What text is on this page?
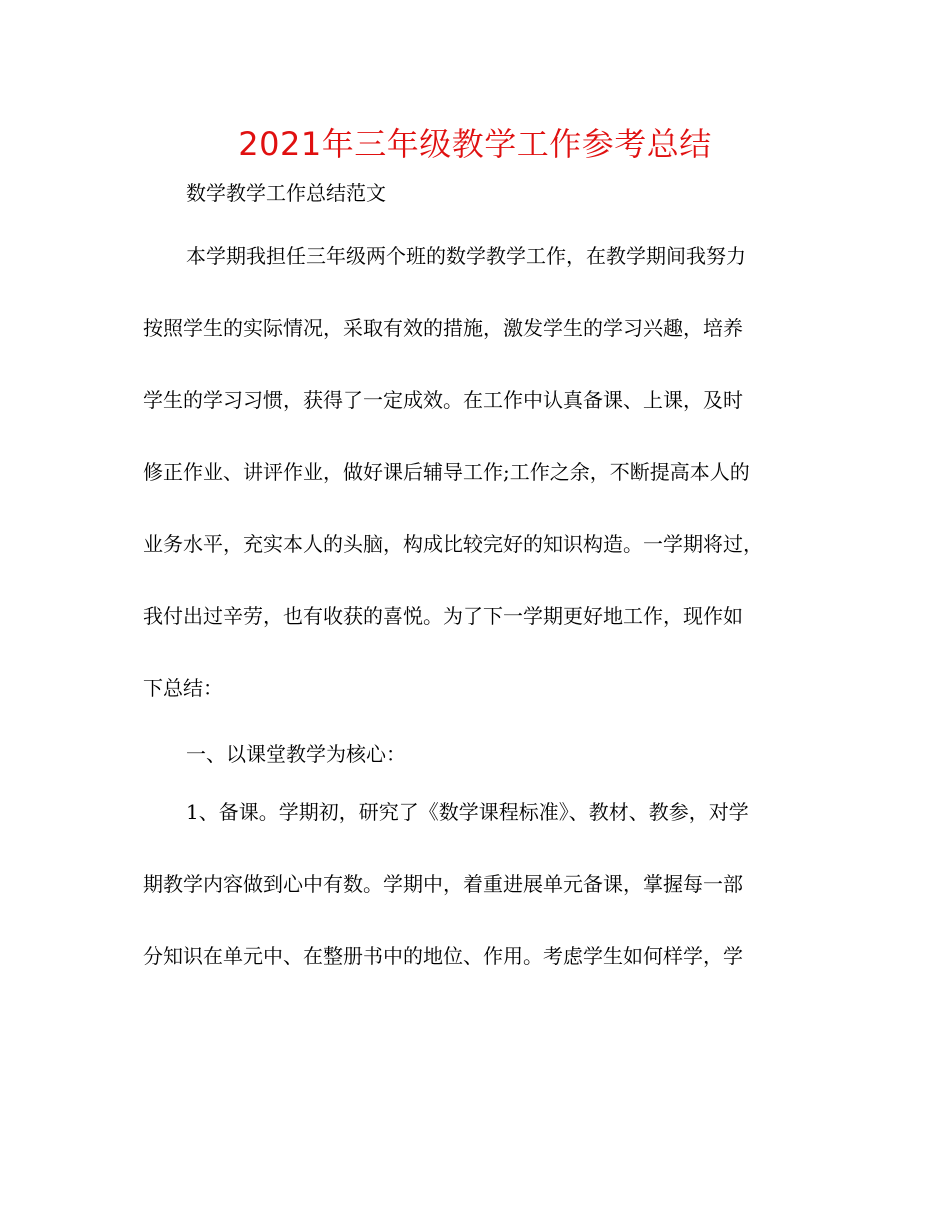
2021年三年级教学工作参考总结

数学教学工作总结范文

本学期我担任三年级两个班的数学教学工作，在教学期间我努力

按照学生的实际情况，采取有效的措施，激发学生的学习兴趣，培养

学生的学习习惯，获得了一定成效。在工作中认真备课、上课，及时

修正作业、讲评作业，做好课后辅导工作;工作之余，不断提高本人的

业务水平，充实本人的头脑，构成比较完好的知识构造。一学期将过，

我付出过辛劳，也有收获的喜悦。为了下一学期更好地工作，现作如

下总结：

一、以课堂教学为核心：

1、备课。学期初，研究了《数学课程标准》、教材、教参，对学

期教学内容做到心中有数。学期中，着重进展单元备课，掌握每一部

分知识在单元中、在整册书中的地位、作用。考虑学生如何样学，学
